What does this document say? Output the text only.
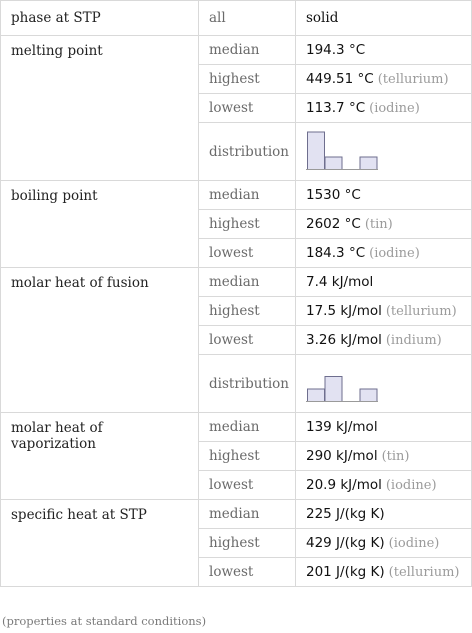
phase at STP	all	solid
melting point	median	194.3 °C
	highest	449.51 °C (tellurium)
	lowest	113.7 °C (iodine)
	distribution	

boiling point	median	1530 °C
	highest	2602 °C (tin)
	lowest	184.3 °C (iodine)
molar heat of fusion	median	7.4 kJ/mol
	highest	17.5 kJ/mol (tellurium)
	lowest	3.26 kJ/mol (indium)
	distribution	

molar heat of vaporization	median	139 kJ/mol
	highest	290 kJ/mol (tin)
	lowest	20.9 kJ/mol (iodine)
specific heat at STP	median	225 J/(kg K)
	highest	429 J/(kg K) (iodine)
	lowest	201 J/(kg K) (tellurium)
(properties at standard conditions)
